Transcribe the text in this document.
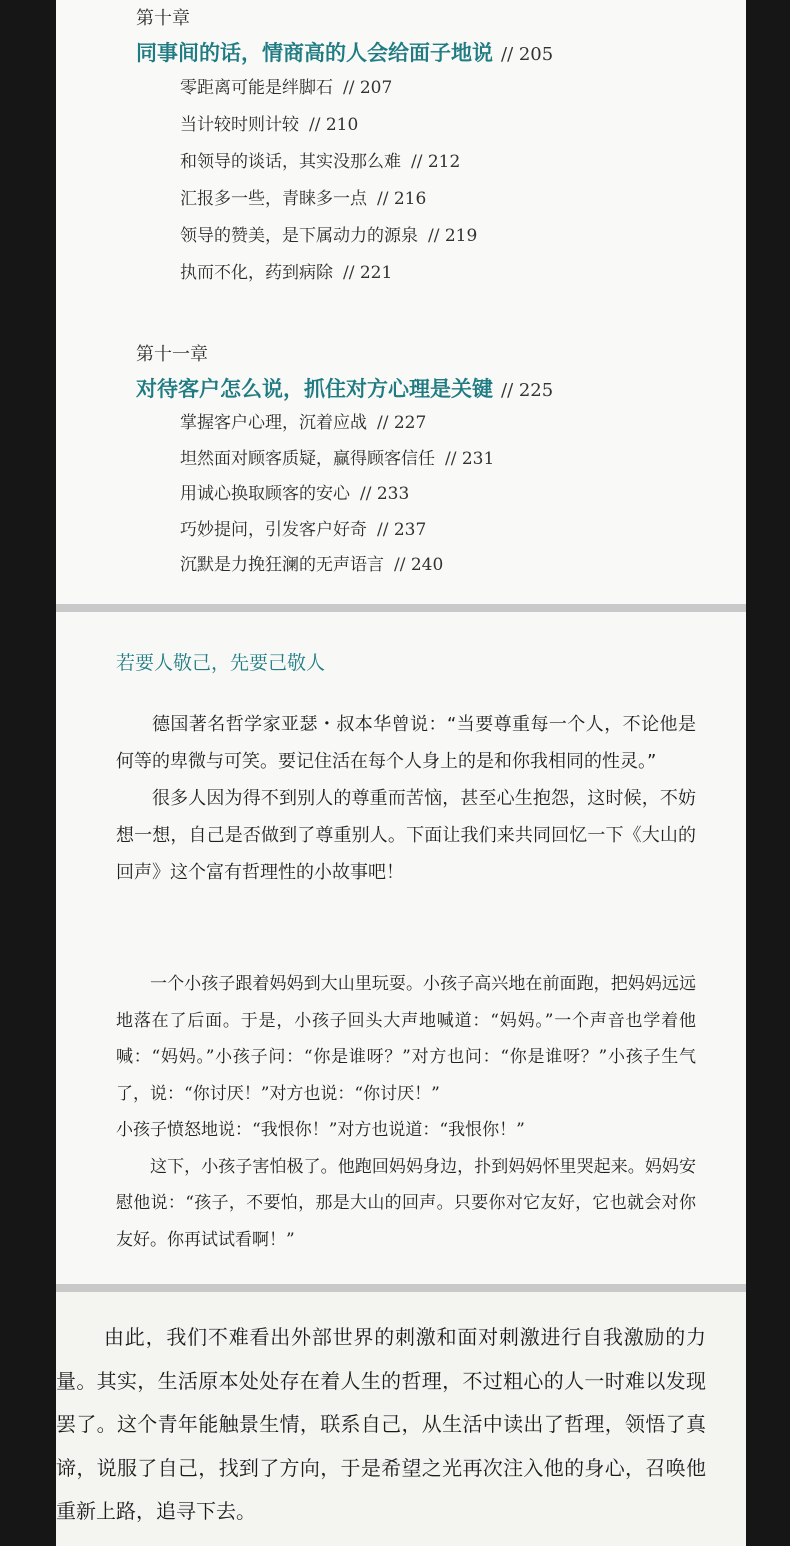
第十章

同事间的话，情商高的人会给面子地说 // 205
零距离可能是绊脚石 // 207
当计较时则计较 // 210
和领导的谈话，其实没那么难 // 212
汇报多一些，青睐多一点 // 216
领导的赞美，是下属动力的源泉 // 219
执而不化，药到病除 // 221

第十一章

对待客户怎么说，抓住对方心理是关键 // 225
掌握客户心理，沉着应战 // 227
坦然面对顾客质疑，赢得顾客信任 // 231
用诚心换取顾客的安心 // 233
巧妙提问，引发客户好奇 // 237
沉默是力挽狂澜的无声语言 // 240
若要人敬己，先要己敬人

德国著名哲学家亚瑟・叔本华曾说：“当要尊重每一个人，不论他是何等的卑微与可笑。要记住活在每个人身上的是和你我相同的性灵。”

很多人因为得不到别人的尊重而苦恼，甚至心生抱怨，这时候，不妨想一想，自己是否做到了尊重别人。下面让我们来共同回忆一下《大山的回声》这个富有哲理性的小故事吧！

一个小孩子跟着妈妈到大山里玩耍。小孩子高兴地在前面跑，把妈妈远远地落在了后面。于是，小孩子回头大声地喊道：“妈妈。”一个声音也学着他喊：“妈妈。”小孩子问：“你是谁呀？”对方也问：“你是谁呀？”小孩子生气了，说：“你讨厌！”对方也说：“你讨厌！”

小孩子愤怒地说：“我恨你！”对方也说道：“我恨你！”

这下，小孩子害怕极了。他跑回妈妈身边，扑到妈妈怀里哭起来。妈妈安慰他说：“孩子，不要怕，那是大山的回声。只要你对它友好，它也就会对你友好。你再试试看啊！”

由此，我们不难看出外部世界的刺激和面对刺激进行自我激励的力量。其实，生活原本处处存在着人生的哲理，不过粗心的人一时难以发现罢了。这个青年能触景生情，联系自己，从生活中读出了哲理，领悟了真谛，说服了自己，找到了方向，于是希望之光再次注入他的身心，召唤他重新上路，追寻下去。
